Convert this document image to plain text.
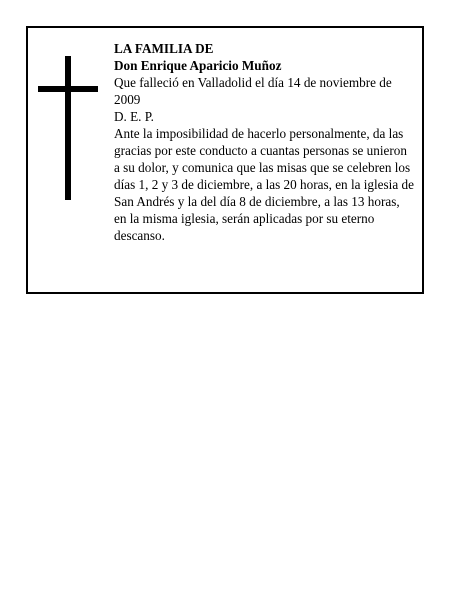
LA FAMILIA DE

Don Enrique Aparicio Muñoz

Que falleció en Valladolid el día 14 de noviembre de 2009

D. E. P.

Ante la imposibilidad de hacerlo personalmente, da las gracias por este conducto a cuantas personas se unieron a su dolor, y comunica que las misas que se celebren los días 1, 2 y 3 de diciembre, a las 20 horas, en la iglesia de San Andrés y la del día 8 de diciembre, a las 13 horas, en la misma iglesia, serán aplicadas por su eterno descanso.
